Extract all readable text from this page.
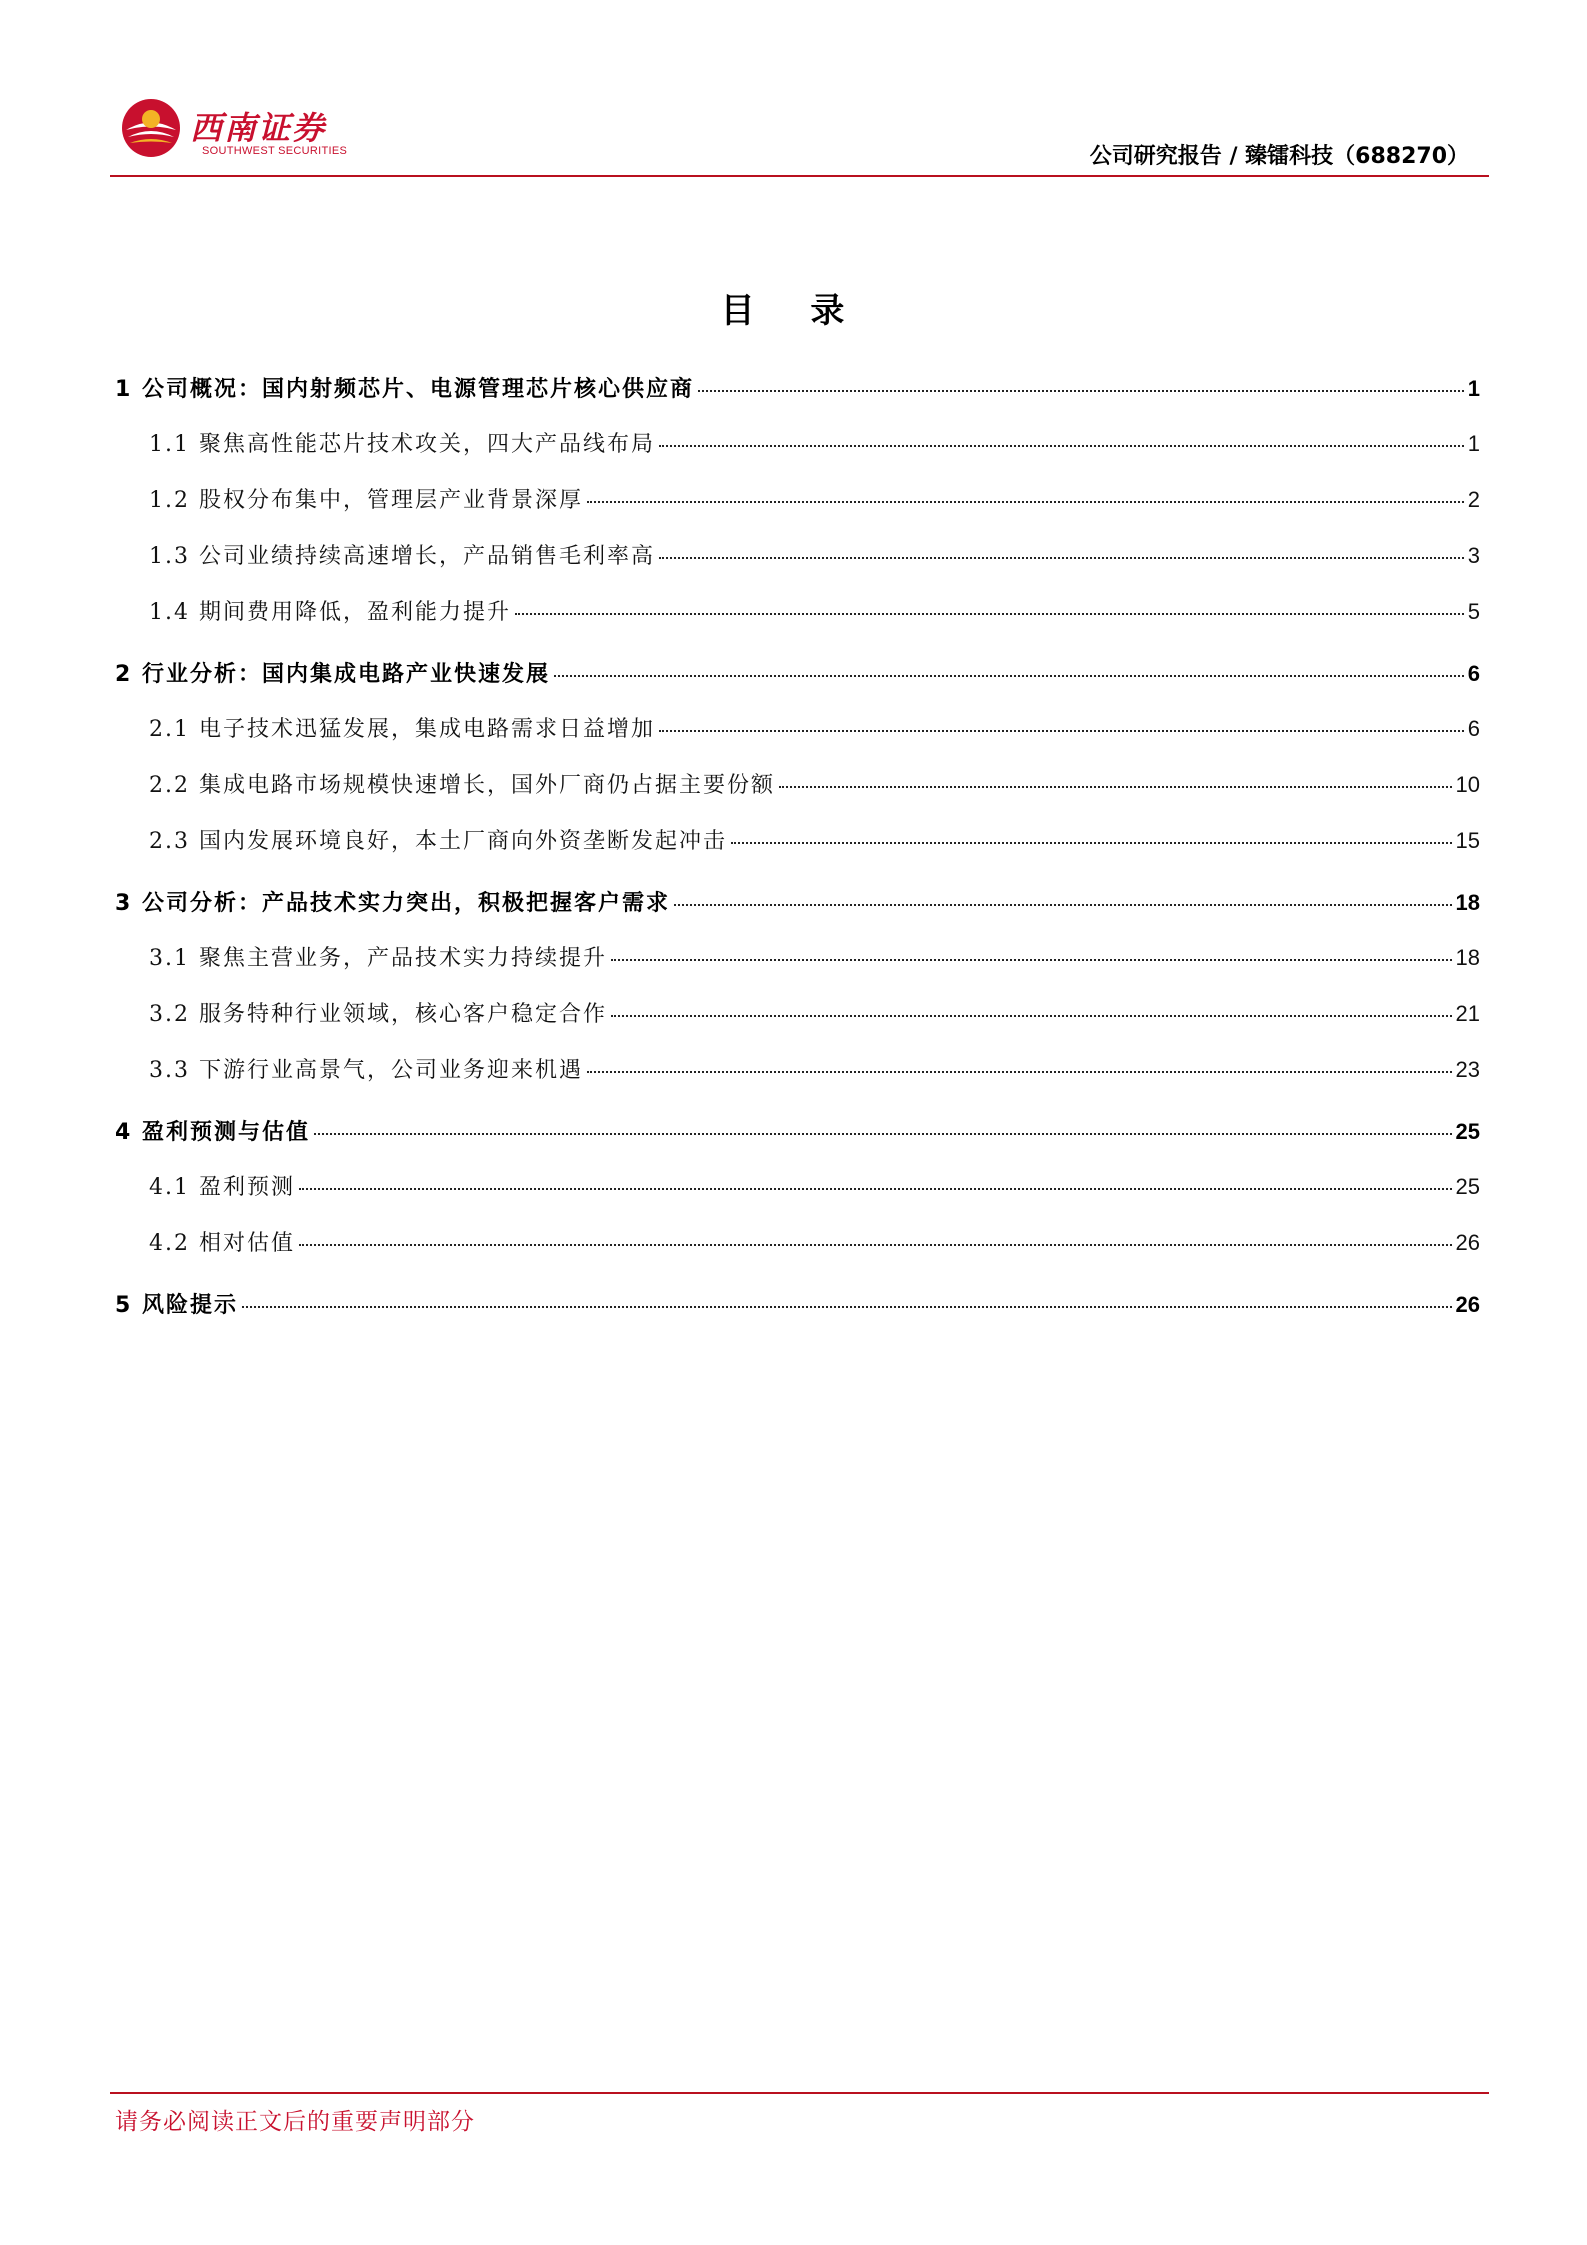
西南证券
SOUTHWEST SECURITIES	公司研究报告 / 臻镭科技（688270）
目 录
1 公司概况：国内射频芯片、电源管理芯片核心供应商	1
1.1 聚焦高性能芯片技术攻关，四大产品线布局	1
1.2 股权分布集中，管理层产业背景深厚	2
1.3 公司业绩持续高速增长，产品销售毛利率高	3
1.4 期间费用降低，盈利能力提升	5
2 行业分析：国内集成电路产业快速发展	6
2.1 电子技术迅猛发展，集成电路需求日益增加	6
2.2 集成电路市场规模快速增长，国外厂商仍占据主要份额	10
2.3 国内发展环境良好，本土厂商向外资垄断发起冲击	15
3 公司分析：产品技术实力突出，积极把握客户需求	18
3.1 聚焦主营业务，产品技术实力持续提升	18
3.2 服务特种行业领域，核心客户稳定合作	21
3.3 下游行业高景气，公司业务迎来机遇	23
4 盈利预测与估值	25
4.1 盈利预测	25
4.2 相对估值	26
5 风险提示	26
请务必阅读正文后的重要声明部分
